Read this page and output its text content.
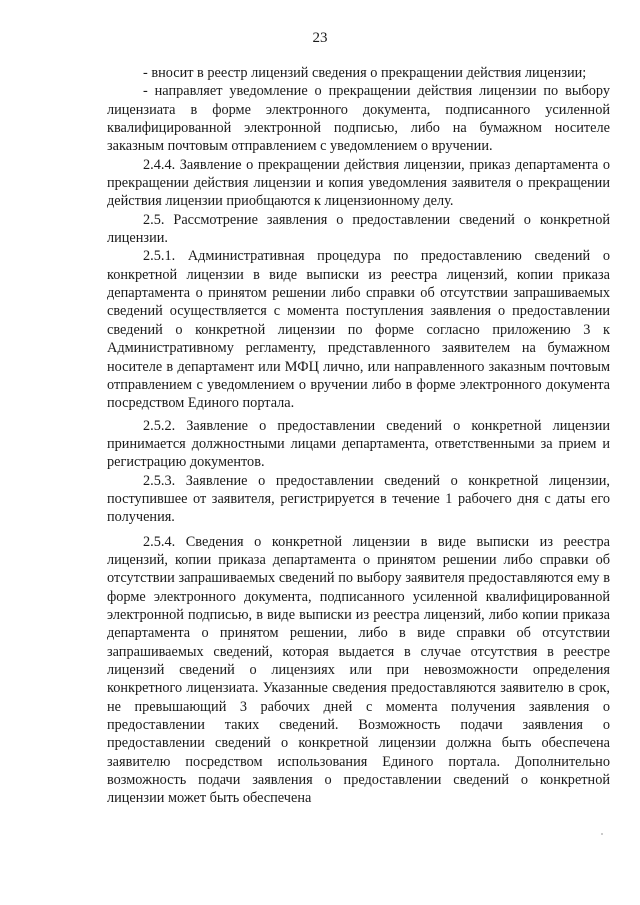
23

- вносит в реестр лицензий сведения о прекращении действия лицензии;

- направляет уведомление о прекращении действия лицензии по выбору лицензиата в форме электронного документа, подписанного усиленной квалифицированной электронной подписью, либо на бумажном носителе заказным почтовым отправлением с уведомлением о вручении.

2.4.4. Заявление о прекращении действия лицензии, приказ департамента о прекращении действия лицензии и копия уведомления заявителя о прекращении действия лицензии приобщаются к лицензионному делу.

2.5. Рассмотрение заявления о предоставлении сведений о конкретной лицензии.

2.5.1. Административная процедура по предоставлению сведений о конкретной лицензии в виде выписки из реестра лицензий, копии приказа департамента о принятом решении либо справки об отсутствии запрашиваемых сведений осуществляется с момента поступления заявления о предоставлении сведений о конкретной лицензии по форме согласно приложению 3 к Административному регламенту, представленного заявителем на бумажном носителе в департамент или МФЦ лично, или направленного заказным почтовым отправлением с уведомлением о вручении либо в форме электронного документа посредством Единого портала.

2.5.2. Заявление о предоставлении сведений о конкретной лицензии принимается должностными лицами департамента, ответственными за прием и регистрацию документов.

2.5.3. Заявление о предоставлении сведений о конкретной лицензии, поступившее от заявителя, регистрируется в течение 1 рабочего дня с даты его получения.

2.5.4. Сведения о конкретной лицензии в виде выписки из реестра лицензий, копии приказа департамента о принятом решении либо справки об отсутствии запрашиваемых сведений по выбору заявителя предоставляются ему в форме электронного документа, подписанного усиленной квалифицированной электронной подписью, в виде выписки из реестра лицензий, либо копии приказа департамента о принятом решении, либо в виде справки об отсутствии запрашиваемых сведений, которая выдается в случае отсутствия в реестре лицензий сведений о лицензиях или при невозможности определения конкретного лицензиата. Указанные сведения предоставляются заявителю в срок, не превышающий 3 рабочих дней с момента получения заявления о предоставлении таких сведений. Возможность подачи заявления о предоставлении сведений о конкретной лицензии должна быть обеспечена заявителю посредством использования Единого портала. Дополнительно возможность подачи заявления о предоставлении сведений о конкретной лицензии может быть обеспечена
